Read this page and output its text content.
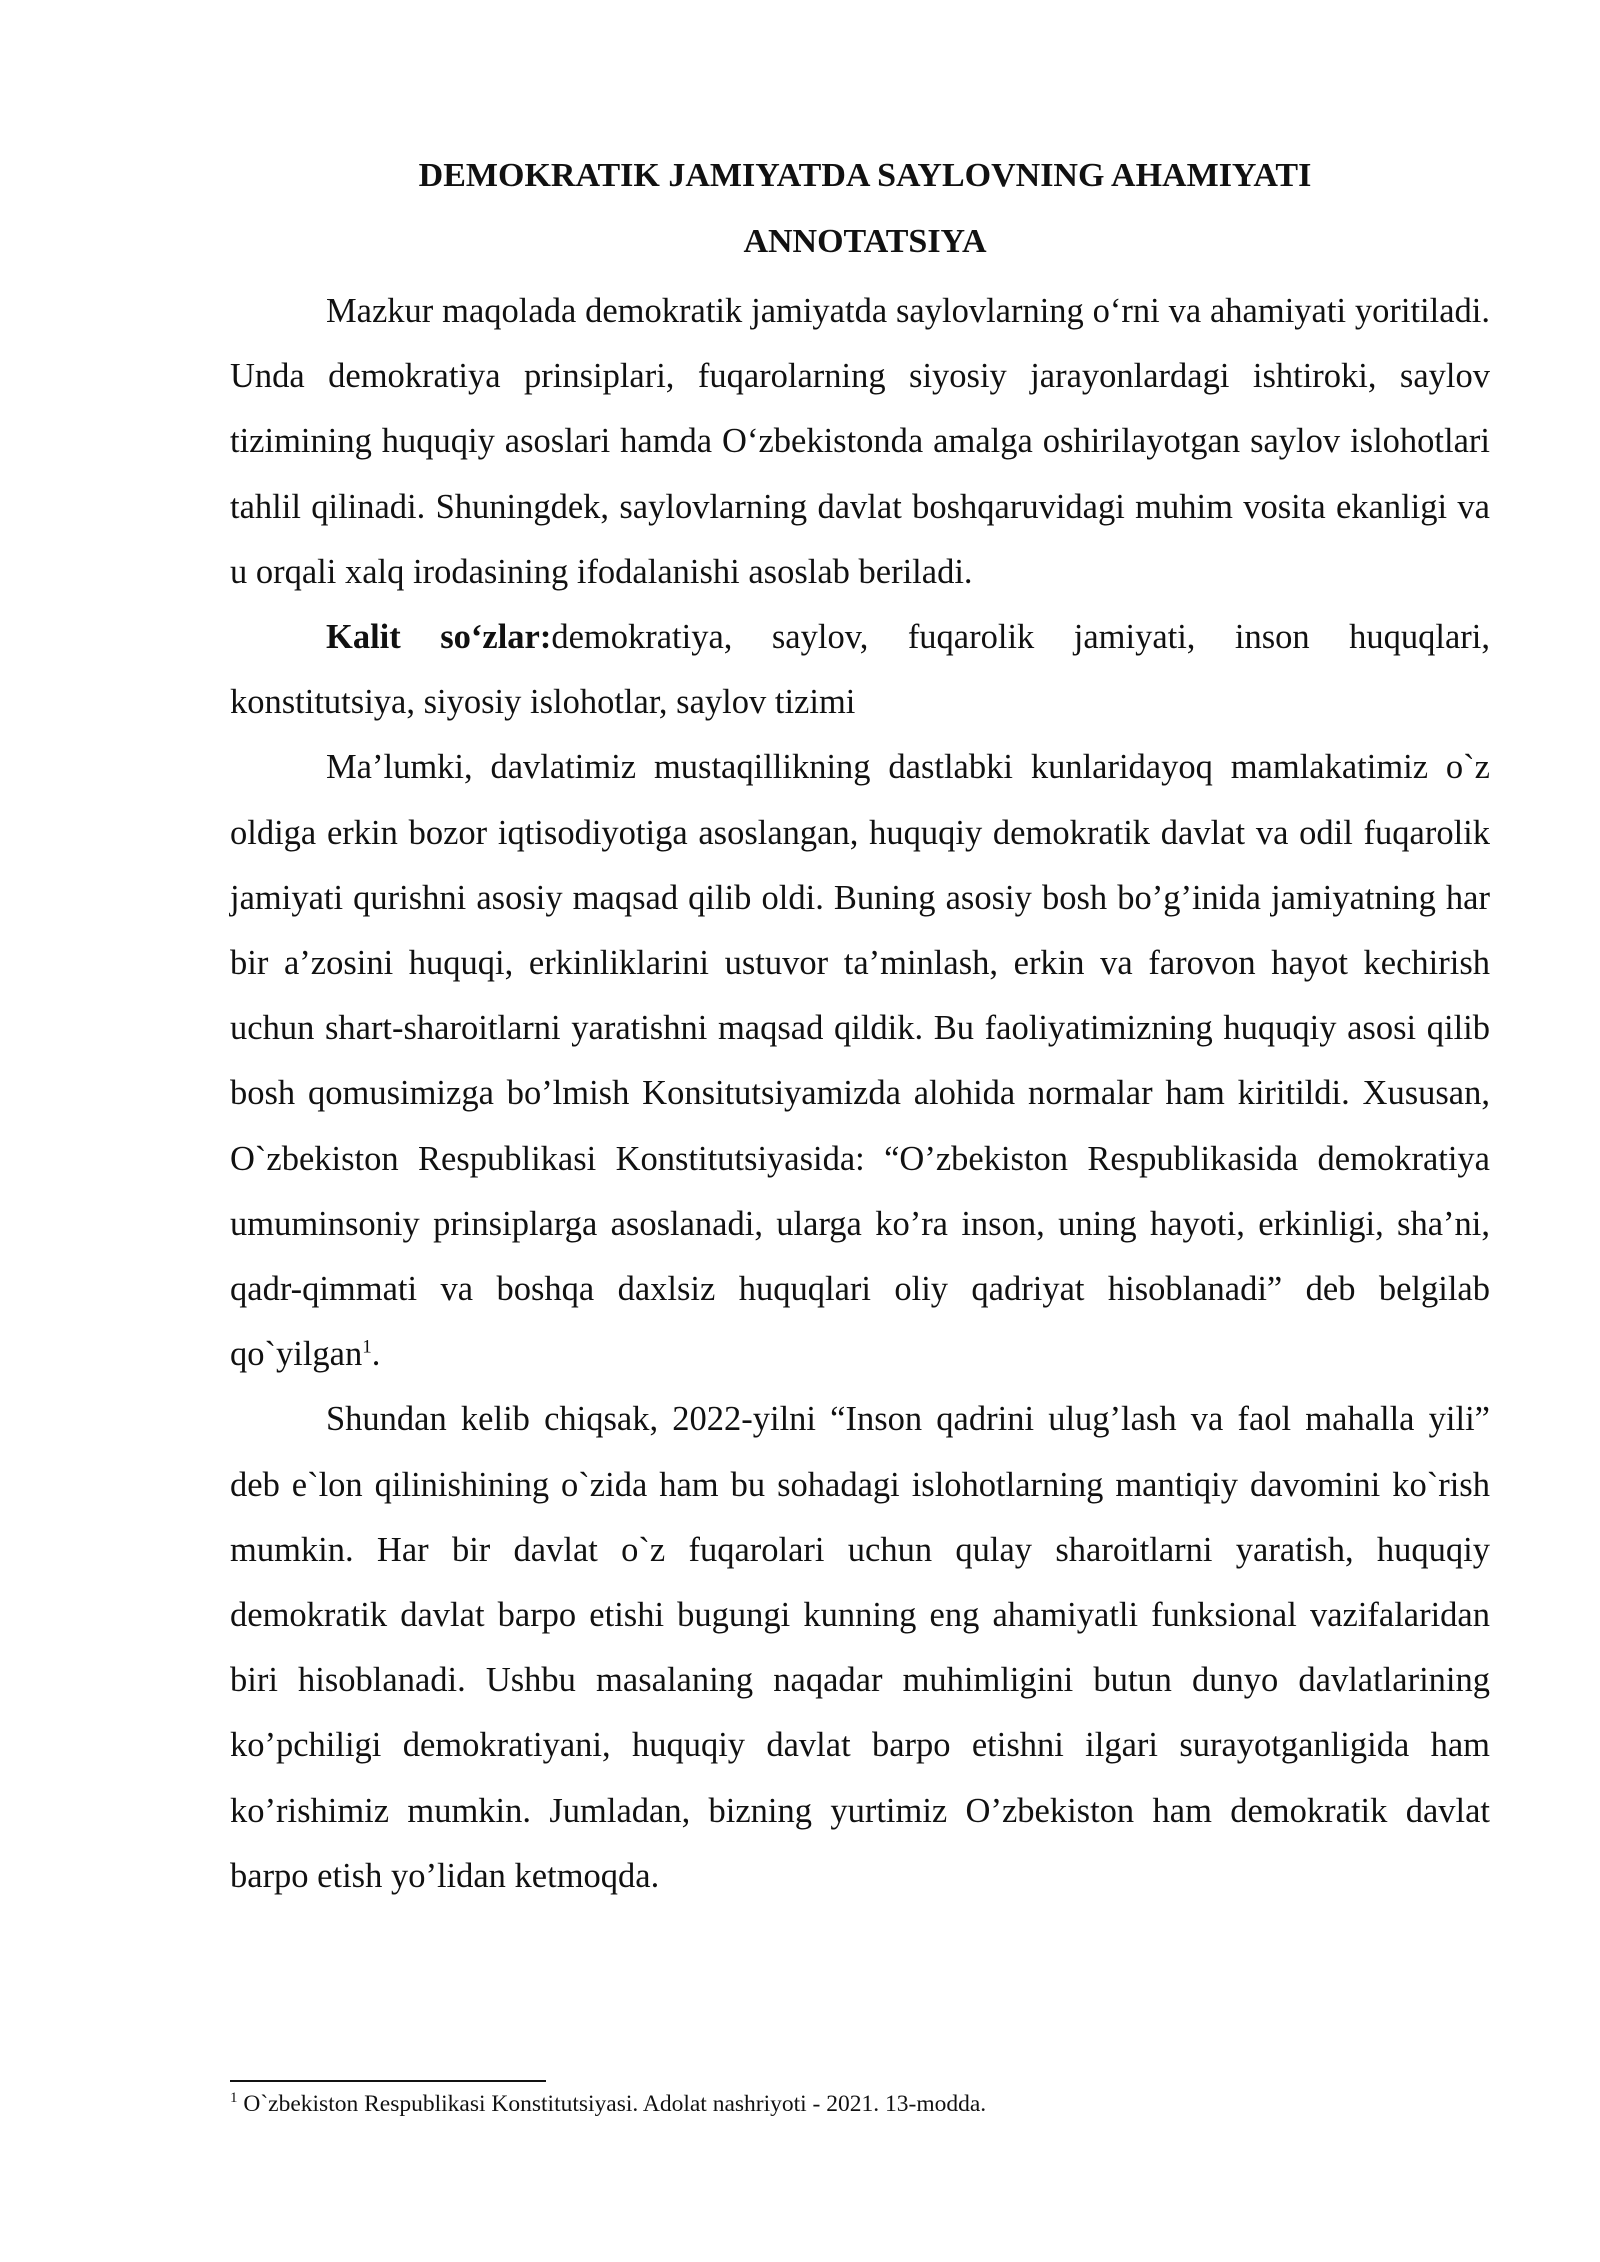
DEMOKRATIK JAMIYATDA SAYLOVNING AHAMIYATI
ANNOTATSIYA

Mazkur maqolada demokratik jamiyatda saylovlarning o‘rni va ahamiyati yoritiladi. Unda demokratiya prinsiplari, fuqarolarning siyosiy jarayonlardagi ishtiroki, saylov tizimining huquqiy asoslari hamda O‘zbekistonda amalga oshirilayotgan saylov islohotlari tahlil qilinadi. Shuningdek, saylovlarning davlat boshqaruvidagi muhim vosita ekanligi va u orqali xalq irodasining ifodalanishi asoslab beriladi.

Kalit so‘zlar:demokratiya, saylov, fuqarolik jamiyati, inson huquqlari, konstitutsiya, siyosiy islohotlar, saylov tizimi

Ma’lumki, davlatimiz mustaqillikning dastlabki kunlaridayoq mamlakatimiz o`z oldiga erkin bozor iqtisodiyotiga asoslangan, huquqiy demokratik davlat va odil fuqarolik jamiyati qurishni asosiy maqsad qilib oldi. Buning asosiy bosh bo’g’inida jamiyatning har bir a’zosini huquqi, erkinliklarini ustuvor ta’minlash, erkin va farovon hayot kechirish uchun shart-sharoitlarni yaratishni maqsad qildik. Bu faoliyatimizning huquqiy asosi qilib bosh qomusimizga bo’lmish Konsitutsiyamizda alohida normalar ham kiritildi. Xususan, O`zbekiston Respublikasi Konstitutsiyasida: “O’zbekiston Respublikasida demokratiya umuminsoniy prinsiplarga asoslanadi, ularga ko’ra inson, uning hayoti, erkinligi, sha’ni, qadr-qimmati va boshqa daxlsiz huquqlari oliy qadriyat hisoblanadi” deb belgilab qo`yilgan$^1$.

Shundan kelib chiqsak, 2022-yilni “Inson qadrini ulug’lash va faol mahalla yili” deb e`lon qilinishining o`zida ham bu sohadagi islohotlarning mantiqiy davomini ko`rish mumkin. Har bir davlat o`z fuqarolari uchun qulay sharoitlarni yaratish, huquqiy demokratik davlat barpo etishi bugungi kunning eng ahamiyatli funksional vazifalaridan biri hisoblanadi. Ushbu masalaning naqadar muhimligini butun dunyo davlatlarining ko’pchiligi demokratiyani, huquqiy davlat barpo etishni ilgari surayotganligida ham ko’rishimiz mumkin. Jumladan, bizning yurtimiz O’zbekiston ham demokratik davlat barpo etish yo’lidan ketmoqda.

$^1$ O`zbekiston Respublikasi Konstitutsiyasi. Adolat nashriyoti - 2021. 13-modda.
